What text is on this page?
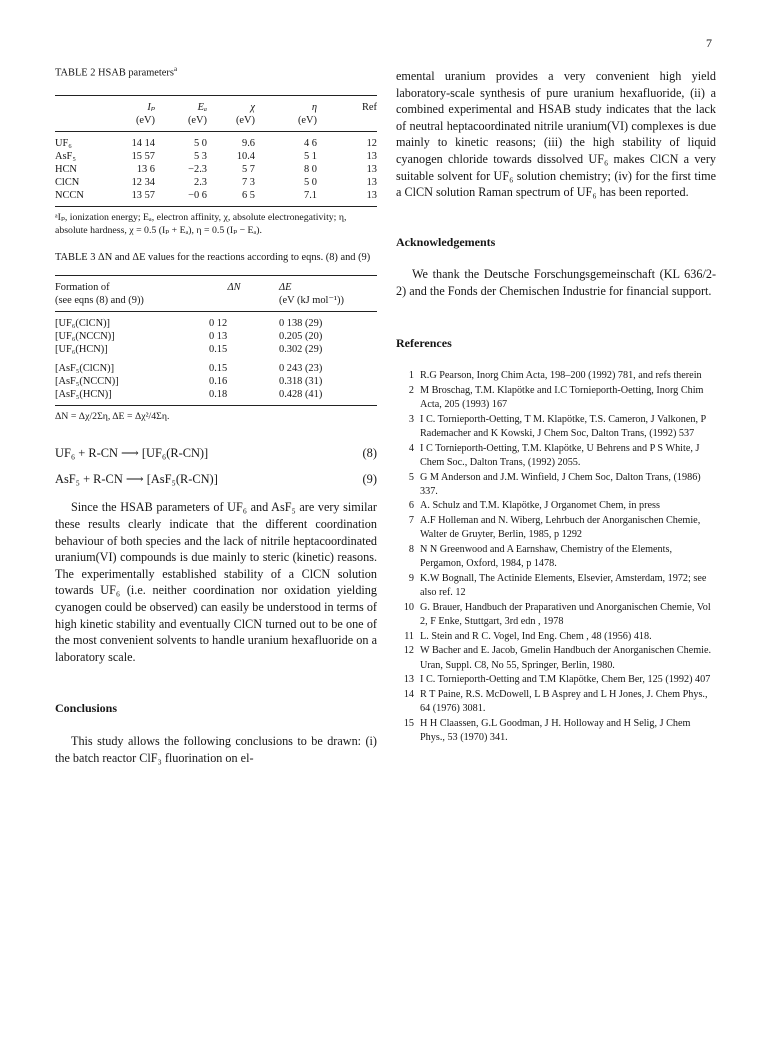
7
TABLE 2 HSAB parameters$^a$

	Iₚ	Eₐ	χ	η	Ref
	(eV)	(eV)	(eV)	(eV)	
UF₆	14 14	5 0	9.6	4 6	12
AsF₅	15 57	5 3	10.4	5 1	13
HCN	13 6	−2.3	5 7	8 0	13
ClCN	12 34	2.3	7 3	5 0	13
NCCN	13 57	−0 6	6 5	7.1	13
ᵃIₚ, ionization energy; Eₐ, electron affinity, χ, absolute electronegativity; η, absolute hardness, χ = 0.5 (Iₚ + Eₐ), η = 0.5 (Iₚ − Eₐ).
TABLE 3 ΔN and ΔE values for the reactions according to eqns. (8) and (9)

Formation of	ΔN	ΔE
(see eqns (8) and (9))		(eV (kJ mol⁻¹))
[UF₆(ClCN)]	0 12	0 138 (29)
[UF₆(NCCN)]	0 13	0.205 (20)
[UF₆(HCN)]	0.15	0.302 (29)
[AsF₅(ClCN)]	0.15	0 243 (23)
[AsF₅(NCCN)]	0.16	0.318 (31)
[AsF₅(HCN)]	0.18	0.428 (41)
ΔN = Δχ/2Ση, ΔE = Δχ²/4Ση.
UF₆ + R-CN ⟶ [UF₆(R-CN)]	(8)
AsF₅ + R-CN ⟶ [AsF₅(R-CN)]	(9)

Since the HSAB parameters of UF₆ and AsF₅ are very similar these results clearly indicate that the different coordination behaviour of both species and the lack of nitrile heptacoordinated uranium(VI) compounds is due mainly to steric (kinetic) reasons. The experimentally established stability of a ClCN solution towards UF₆ (i.e. neither coordination nor oxidation yielding cyanogen could be observed) can easily be understood in terms of high kinetic stability and eventually ClCN turned out to be one of the most convenient solvents to handle uranium hexafluoride on a laboratory scale.

Conclusions

This study allows the following conclusions to be drawn: (i) the batch reactor ClF₃ fluorination on el-

emental uranium provides a very convenient high yield laboratory-scale synthesis of pure uranium hexafluoride, (ii) a combined experimental and HSAB study indicates that the lack of neutral heptacoordinated nitrile uranium(VI) complexes is due mainly to kinetic reasons; (iii) the high stability of liquid cyanogen chloride towards dissolved UF₆ makes ClCN a very suitable solvent for UF₆ solution chemistry; (iv) for the first time a ClCN solution Raman spectrum of UF₆ has been reported.

Acknowledgements

We thank the Deutsche Forschungsgemeinschaft (KL 636/2-2) and the Fonds der Chemischen Industrie for financial support.

References
1 R.G Pearson, Inorg Chim Acta, 198–200 (1992) 781, and refs therein
2 M Broschag, T.M. Klapötke and I.C Tornieporth-Oetting, Inorg Chim Acta, 205 (1993) 167
3 I C. Tornieporth-Oetting, T M. Klapötke, T.S. Cameron, J Valkonen, P Rademacher and K Kowski, J Chem Soc, Dalton Trans, (1992) 537
4 I C Tornieporth-Oetting, T.M. Klapötke, U Behrens and P S White, J Chem Soc., Dalton Trans, (1992) 2055.
5 G M Anderson and J.M. Winfield, J Chem Soc, Dalton Trans, (1986) 337.
6 A. Schulz and T.M. Klapötke, J Organomet Chem, in press
7 A.F Holleman and N. Wiberg, Lehrbuch der Anorganischen Chemie, Walter de Gruyter, Berlin, 1985, p 1292
8 N N Greenwood and A Earnshaw, Chemistry of the Elements, Pergamon, Oxford, 1984, p 1478.
9 K.W Bognall, The Actinide Elements, Elsevier, Amsterdam, 1972; see also ref. 12
10 G. Brauer, Handbuch der Praparativen und Anorganischen Chemie, Vol 2, F Enke, Stuttgart, 3rd edn , 1978
11 L. Stein and R C. Vogel, Ind Eng. Chem , 48 (1956) 418.
12 W Bacher and E. Jacob, Gmelin Handbuch der Anorganischen Chemie. Uran, Suppl. C8, No 55, Springer, Berlin, 1980.
13 I C. Tornieporth-Oetting and T.M Klapötke, Chem Ber, 125 (1992) 407
14 R T Paine, R.S. McDowell, L B Asprey and L H Jones, J. Chem Phys., 64 (1976) 3081.
15 H H Claassen, G.L Goodman, J H. Holloway and H Selig, J Chem Phys., 53 (1970) 341.
